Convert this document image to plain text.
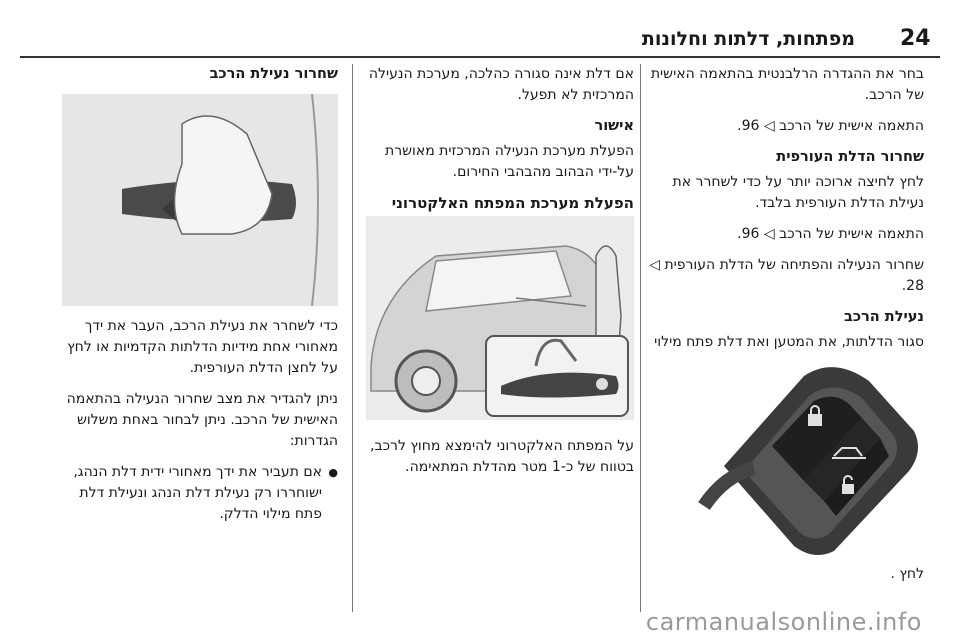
24
מפתחות, דלתות וחלונות

בחר את ההגדרה הרלבנטית בהתאמה האישית של הרכב.

התאמה אישית של הרכב ◁ 96.

שחרור הדלת העורפית

לחץ לחיצה ארוכה יותר על כדי לשחרר את נעילת הדלת העורפית בלבד.

התאמה אישית של הרכב ◁ 96.

שחרור הנעילה והפתיחה של הדלת העורפית ◁ 28.

נעילת הרכב

סגור הדלתות, את המטען ואת דלת פתח מילוי

לחץ .

אם דלת אינה סגורה כהלכה, מערכת הנעילה המרכזית לא תפעל.

אישור

הפעלת מערכת הנעילה המרכזית מאושרת על-ידי הבהוב מהבהבי החירום.

הפעלת מערכת המפתח האלקטרוני

על המפתח האלקטרוני להימצא מחוץ לרכב, בטווח של כ-1 מטר מהדלת המתאימה.

שחרור נעילת הרכב

כדי לשחרר את נעילת הרכב, העבר את ידך מאחורי אחת מידיות הדלתות הקדמיות או לחץ על לחצן הדלת העורפית.

ניתן להגדיר את מצב שחרור הנעילה בהתאמה האישית של הרכב. ניתן לבחור באחת משלוש הגדרות:

● אם תעביר את ידך מאחורי ידית דלת הנהג, ישוחררו רק נעילת דלת הנהג ונעילת דלת פתח מילוי הדלק.
carmanualsonline.info
